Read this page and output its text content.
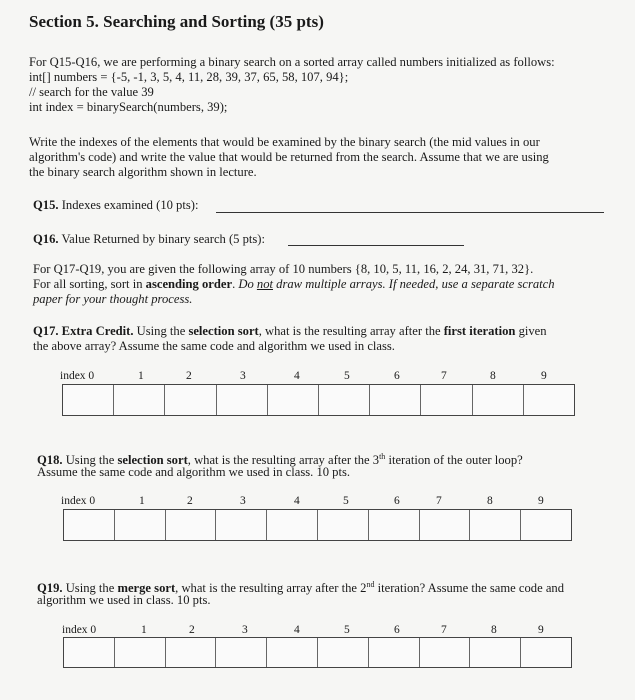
Section 5. Searching and Sorting (35 pts)
For Q15-Q16, we are performing a binary search on a sorted array called numbers initialized as follows:
int[] numbers = {-5, -1, 3, 5, 4, 11, 28, 39, 37, 65, 58, 107, 94};
// search for the value 39
int index = binarySearch(numbers, 39);
Write the indexes of the elements that would be examined by the binary search (the mid values in our
algorithm's code) and write the value that would be returned from the search. Assume that we are using
the binary search algorithm shown in lecture.
Q15. Indexes examined (10 pts):
Q16. Value Returned by binary search (5 pts):
For Q17-Q19, you are given the following array of 10 numbers {8, 10, 5, 11, 16, 2, 24, 31, 71, 32}.
For all sorting, sort in ascending order. Do not draw multiple arrays. If needed, use a separate scratch
paper for your thought process.
Q17. Extra Credit. Using the selection sort, what is the resulting array after the first iteration given
the above array? Assume the same code and algorithm we used in class.
index 0	1	2	3	4	5	6	7	8	9
Q18. Using the selection sort, what is the resulting array after the 3th iteration of the outer loop?
Assume the same code and algorithm we used in class. 10 pts.
index 0	1	2	3	4	5	6	7	8	9
Q19. Using the merge sort, what is the resulting array after the 2nd iteration? Assume the same code and
algorithm we used in class. 10 pts.
index 0	1	2	3	4	5	6	7	8	9
